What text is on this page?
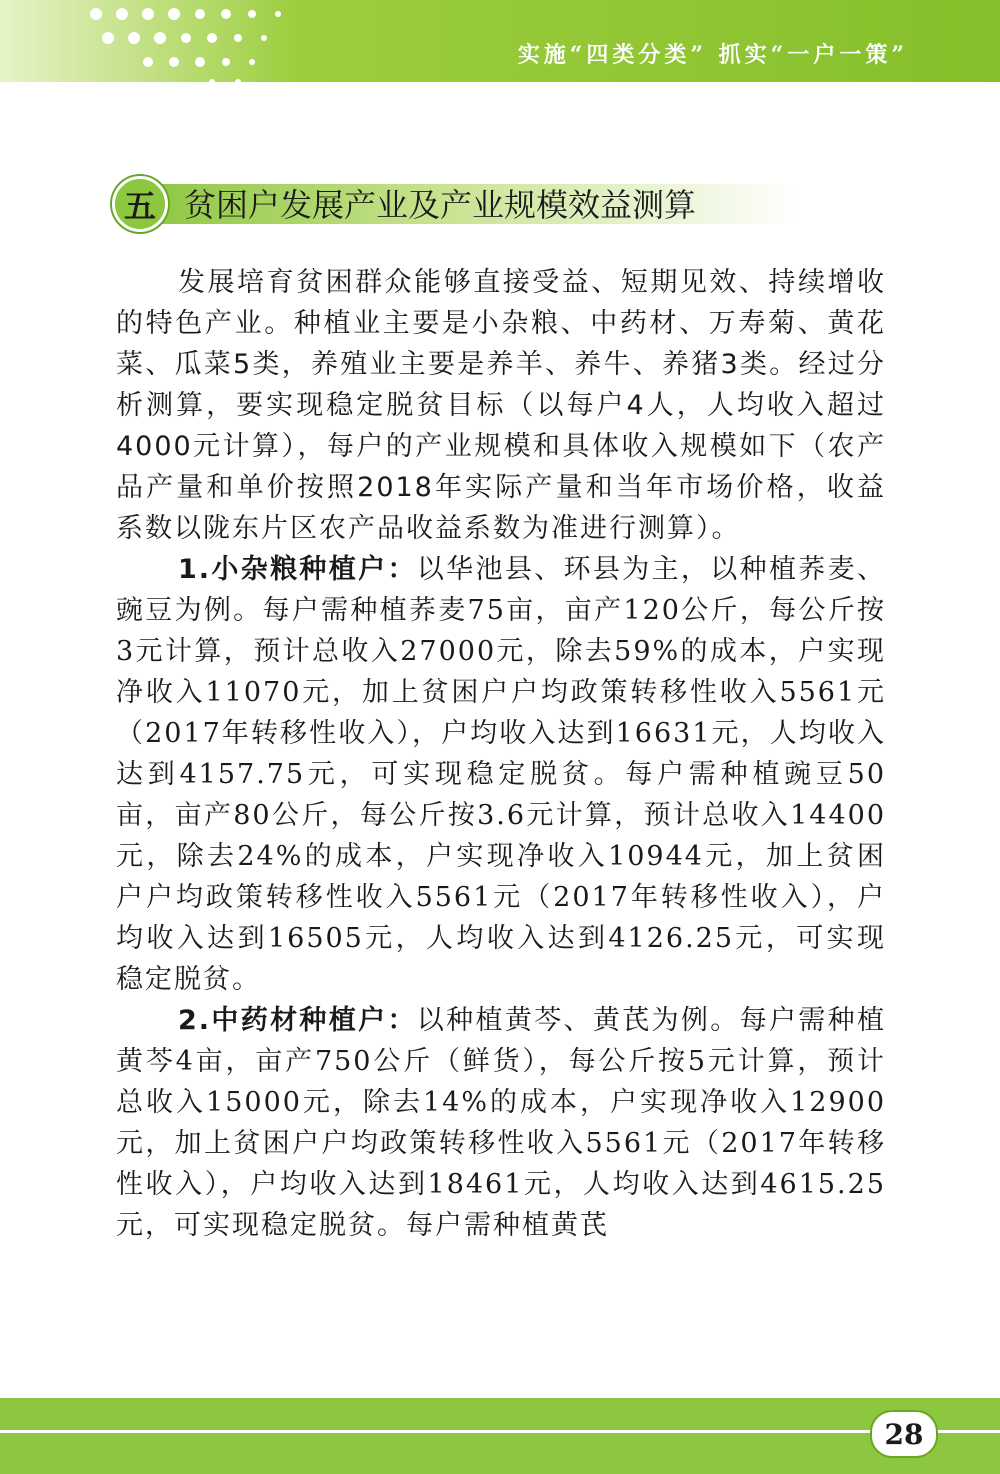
实施“四类分类” 抓实“一户一策”
五 贫困户发展产业及产业规模效益测算

发展培育贫困群众能够直接受益、短期见效、持续增收的特色产业。种植业主要是小杂粮、中药材、万寿菊、黄花菜、瓜菜5类，养殖业主要是养羊、养牛、养猪3类。经过分析测算，要实现稳定脱贫目标（以每户4人，人均收入超过4000元计算），每户的产业规模和具体收入规模如下（农产品产量和单价按照2018年实际产量和当年市场价格，收益系数以陇东片区农产品收益系数为准进行测算）。

1.小杂粮种植户：以华池县、环县为主，以种植荞麦、豌豆为例。每户需种植荞麦75亩，亩产120公斤，每公斤按3元计算，预计总收入27000元，除去59%的成本，户实现净收入11070元，加上贫困户户均政策转移性收入5561元（2017年转移性收入），户均收入达到16631元，人均收入达到4157.75元，可实现稳定脱贫。每户需种植豌豆50亩，亩产80公斤，每公斤按3.6元计算，预计总收入14400元，除去24%的成本，户实现净收入10944元，加上贫困户户均政策转移性收入5561元（2017年转移性收入），户均收入达到16505元，人均收入达到4126.25元，可实现稳定脱贫。

2.中药材种植户：以种植黄芩、黄芪为例。每户需种植黄芩4亩，亩产750公斤（鲜货），每公斤按5元计算，预计总收入15000元，除去14%的成本，户实现净收入12900元，加上贫困户户均政策转移性收入5561元（2017年转移性收入），户均收入达到18461元，人均收入达到4615.25元，可实现稳定脱贫。每户需种植黄芪

28
